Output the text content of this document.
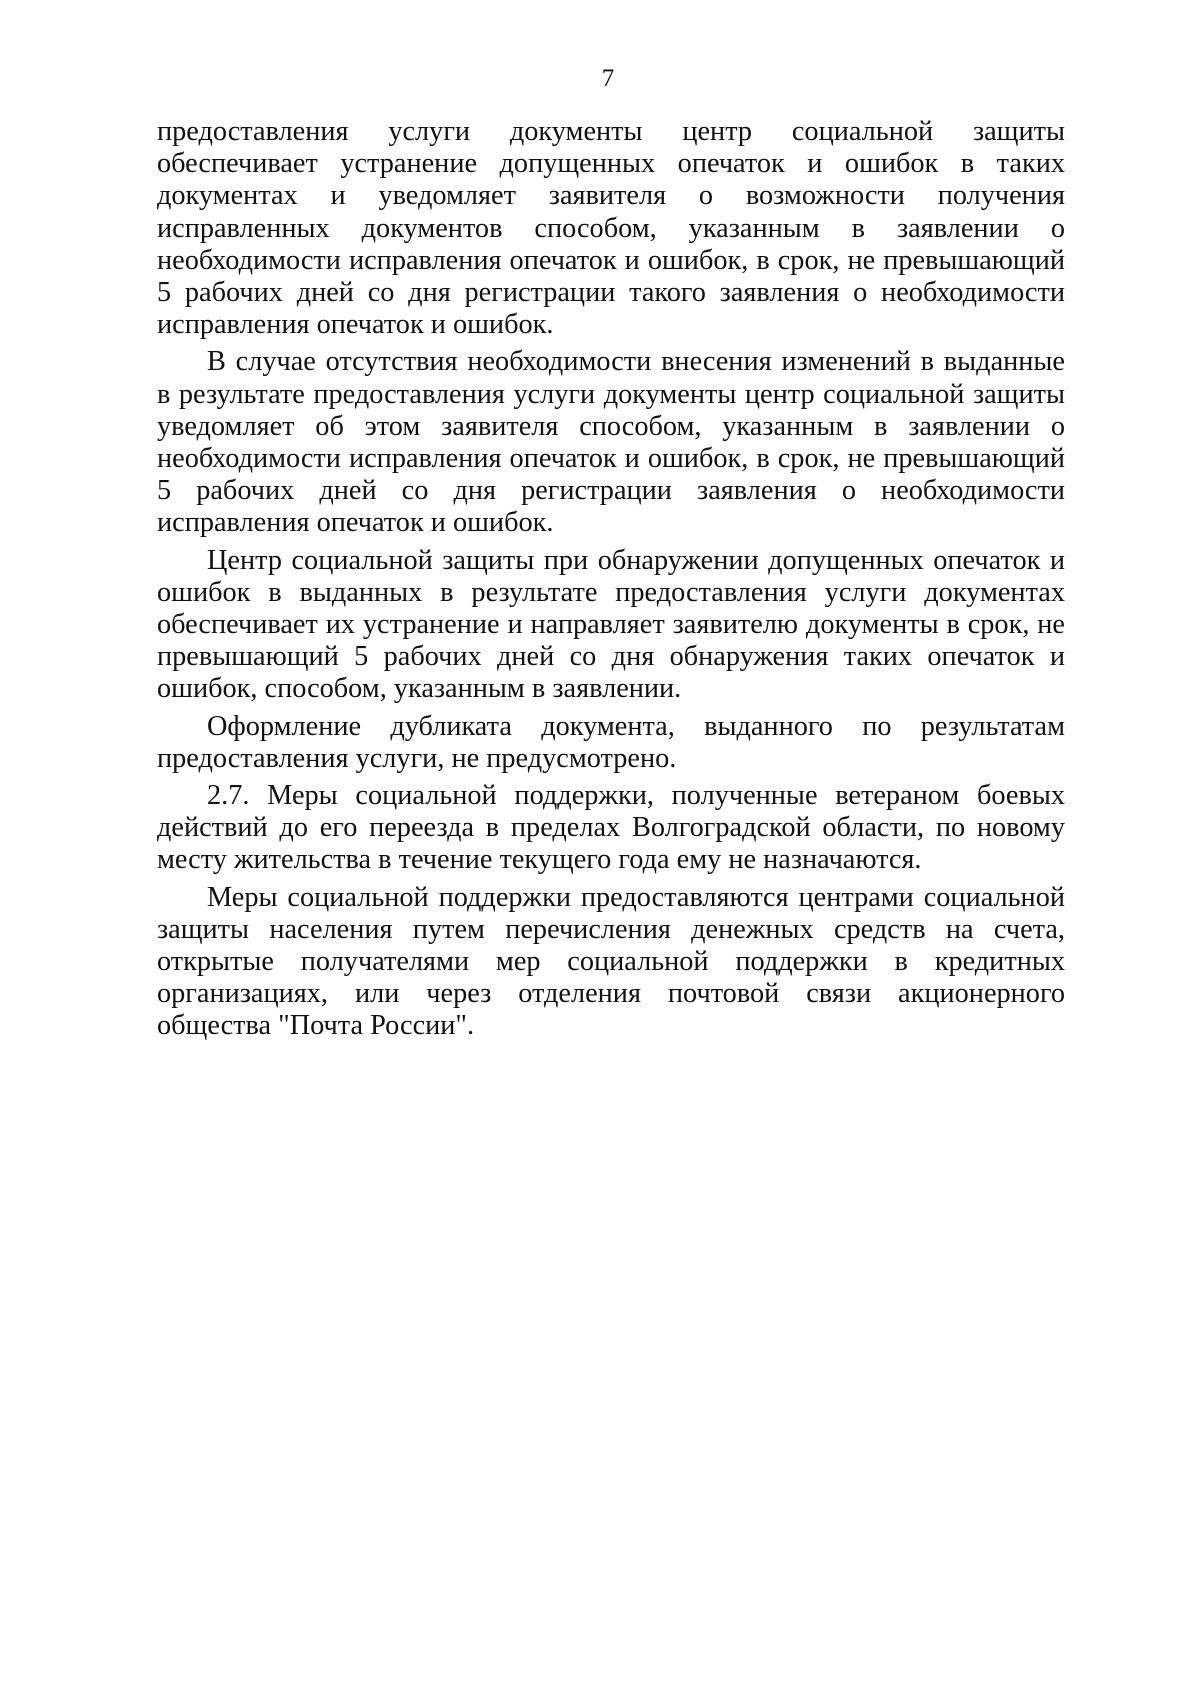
7

предоставления услуги документы центр социальной защиты обеспечивает устранение допущенных опечаток и ошибок в таких документах и уведомляет заявителя о возможности получения исправленных документов способом, указанным в заявлении о необходимости исправления опечаток и ошибок, в срок, не превышающий 5 рабочих дней со дня регистрации такого заявления о необходимости исправления опечаток и ошибок.

В случае отсутствия необходимости внесения изменений в выданные в результате предоставления услуги документы центр социальной защиты уведомляет об этом заявителя способом, указанным в заявлении о необходимости исправления опечаток и ошибок, в срок, не превышающий 5 рабочих дней со дня регистрации заявления о необходимости исправления опечаток и ошибок.

Центр социальной защиты при обнаружении допущенных опечаток и ошибок в выданных в результате предоставления услуги документах обеспечивает их устранение и направляет заявителю документы в срок, не превышающий 5 рабочих дней со дня обнаружения таких опечаток и ошибок, способом, указанным в заявлении.

Оформление дубликата документа, выданного по результатам предоставления услуги, не предусмотрено.

2.7. Меры социальной поддержки, полученные ветераном боевых действий до его переезда в пределах Волгоградской области, по новому месту жительства в течение текущего года ему не назначаются.

Меры социальной поддержки предоставляются центрами социальной защиты населения путем перечисления денежных средств на счета, открытые получателями мер социальной поддержки в кредитных организациях, или через отделения почтовой связи акционерного общества "Почта России".
